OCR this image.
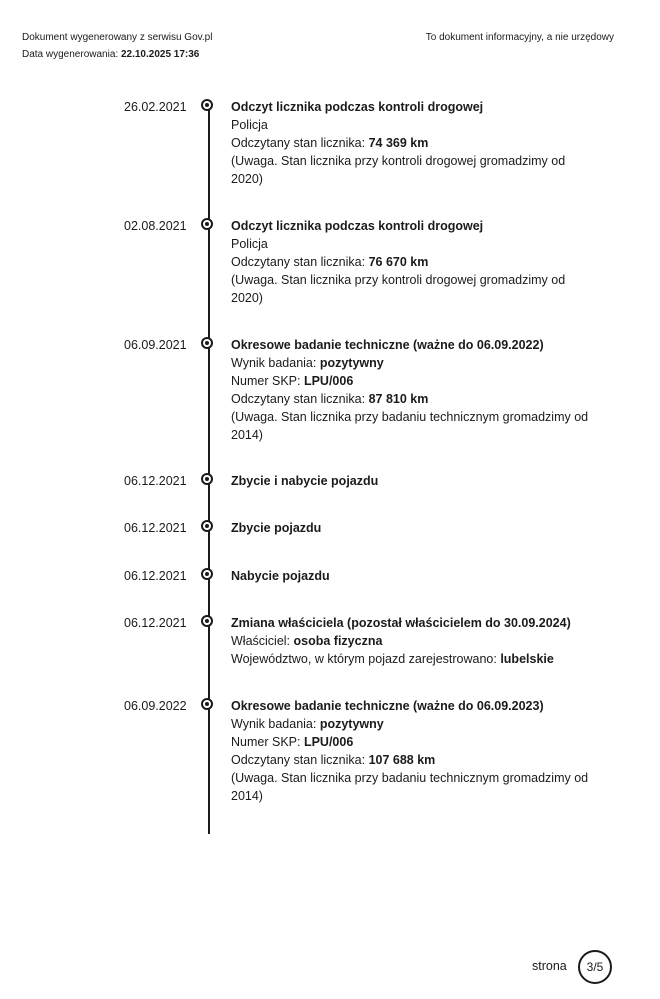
Dokument wygenerowany z serwisu Gov.pl
Data wygenerowania: 22.10.2025 17:36
To dokument informacyjny, a nie urzędowy
26.02.2021	Odczyt licznika podczas kontroli drogowej
Policja
Odczytany stan licznika: 74 369 km
(Uwaga. Stan licznika przy kontroli drogowej gromadzimy od 2020)
02.08.2021	Odczyt licznika podczas kontroli drogowej
Policja
Odczytany stan licznika: 76 670 km
(Uwaga. Stan licznika przy kontroli drogowej gromadzimy od 2020)
06.09.2021	Okresowe badanie techniczne (ważne do 06.09.2022)
Wynik badania: pozytywny
Numer SKP: LPU/006
Odczytany stan licznika: 87 810 km
(Uwaga. Stan licznika przy badaniu technicznym gromadzimy od 2014)
06.12.2021	Zbycie i nabycie pojazdu
06.12.2021	Zbycie pojazdu
06.12.2021	Nabycie pojazdu
06.12.2021	Zmiana właściciela (pozostał właścicielem do 30.09.2024)
Właściciel: osoba fizyczna
Województwo, w którym pojazd zarejestrowano: lubelskie
06.09.2022	Okresowe badanie techniczne (ważne do 06.09.2023)
Wynik badania: pozytywny
Numer SKP: LPU/006
Odczytany stan licznika: 107 688 km
(Uwaga. Stan licznika przy badaniu technicznym gromadzimy od 2014)
strona	3/5
